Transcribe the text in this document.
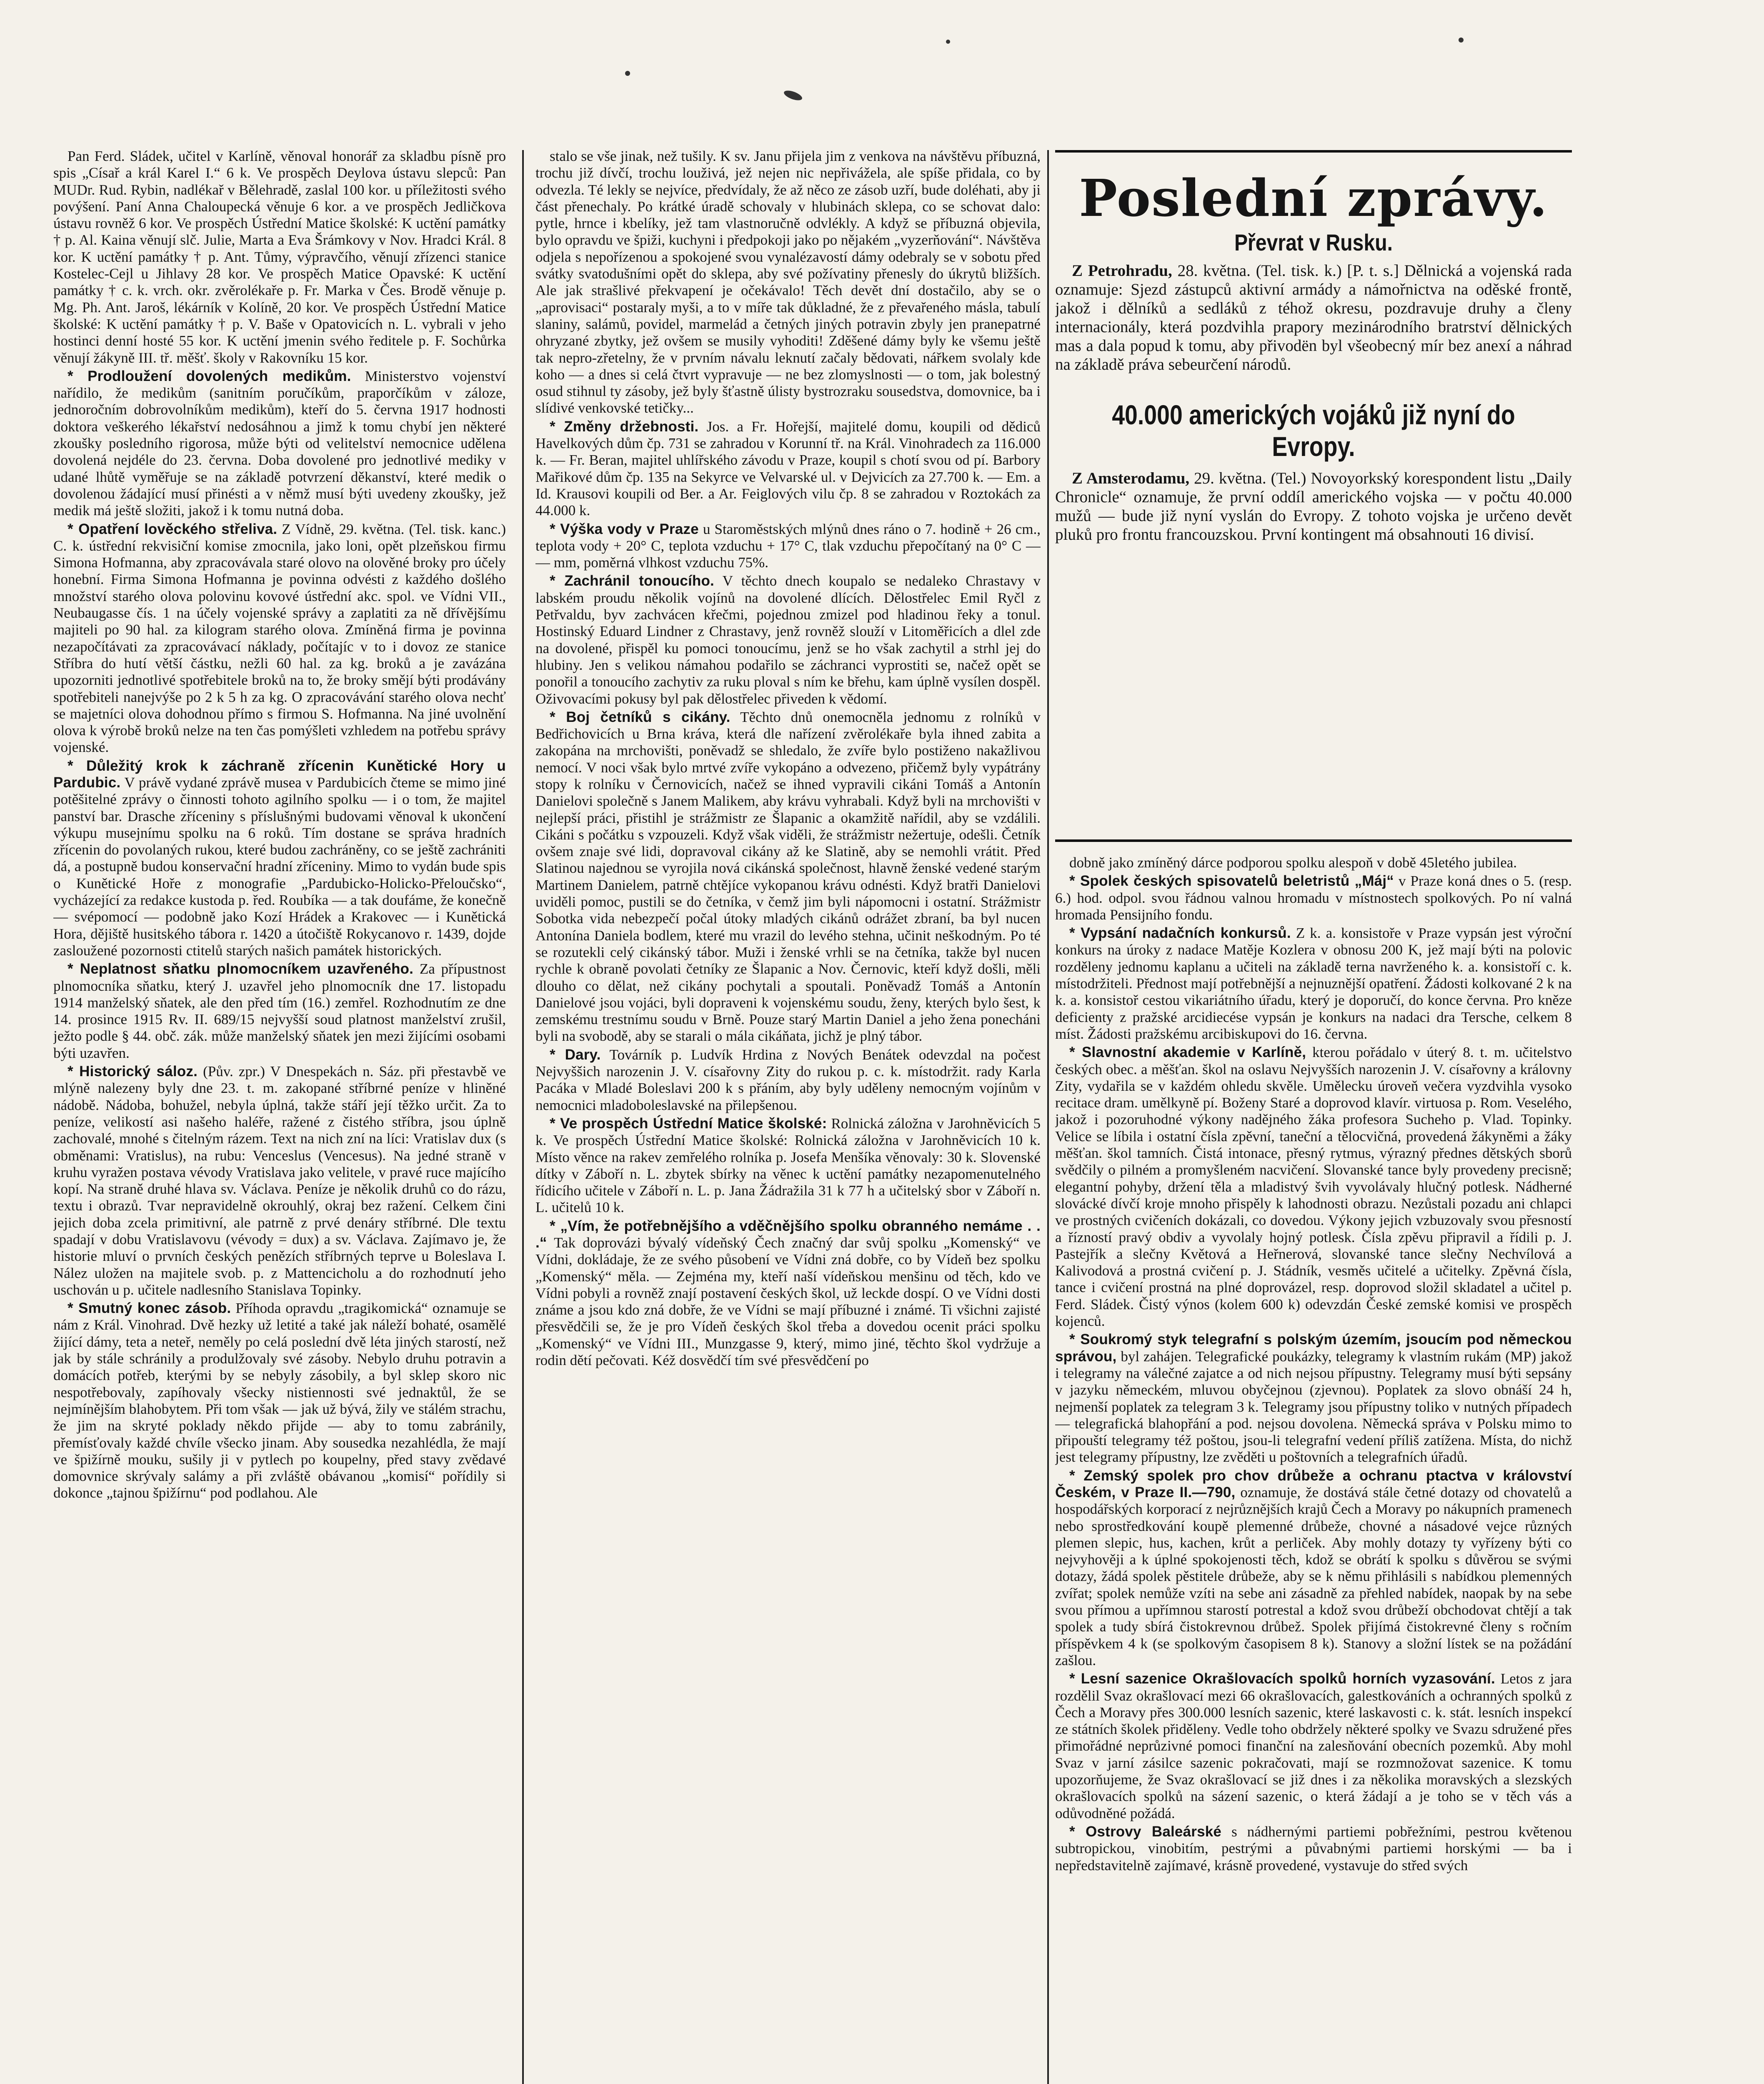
Pan Ferd. Sládek, učitel v Karlíně, věnoval honorář za skladbu písně pro spis „Císař a král Karel I.“ 6 k. Ve prospěch Deylova ústavu slepců: Pan MUDr. Rud. Rybin, nadlékař v Bělehradě, zaslal 100 kor. u příležitosti svého povýšení. Paní Anna Chaloupecká věnuje 6 kor. a ve prospěch Jedličkova ústavu rovněž 6 kor. Ve prospěch Ústřední Matice školské: K uctění památky † p. Al. Kaina věnují slč. Julie, Marta a Eva Šrámkovy v Nov. Hradci Král. 8 kor. K uctění památky † p. Ant. Tůmy, výpravčího, věnují zřízenci stanice Kostelec-Cejl u Jihlavy 28 kor. Ve prospěch Matice Opavské: K uctění památky † c. k. vrch. okr. zvěrolékaře p. Fr. Marka v Čes. Brodě věnuje p. Mg. Ph. Ant. Jaroš, lékárník v Kolíně, 20 kor. Ve prospěch Ústřední Matice školské: K uctění památky † p. V. Baše v Opatovicích n. L. vybrali v jeho hostinci denní hosté 55 kor. K uctění jmenin svého ředitele p. F. Sochůrka věnují žákyně III. tř. měšť. školy v Rakovníku 15 kor.

* Prodloužení dovolených medikům. Ministerstvo vojenství nařídilo, že medikům (sanitním poručíkům, praporčíkům v záloze, jednoročním dobrovolníkům medikům), kteří do 5. června 1917 hodnosti doktora veškerého lékařství nedosáhnou a jimž k tomu chybí jen některé zkoušky posledního rigorosa, může býti od velitelství nemocnice udělena dovolená nejdéle do 23. června. Doba dovolené pro jednotlivé mediky v udané lhůtě vyměřuje se na základě potvrzení děkanství, které medik o dovolenou žádající musí přinésti a v němž musí býti uvedeny zkoušky, jež medik má ještě složiti, jakož i k tomu nutná doba.

* Opatření lověckého střeliva. Z Vídně, 29. května. (Tel. tisk. kanc.) C. k. ústřední rekvisiční komise zmocnila, jako loni, opět plzeňskou firmu Simona Hofmanna, aby zpracovávala staré olovo na olověné broky pro účely honební. Firma Simona Hofmanna je povinna odvésti z každého došlého množství starého olova polovinu kovové ústřední akc. spol. ve Vídni VII., Neubaugasse čís. 1 na účely vojenské správy a zaplatiti za ně dřívějšímu majiteli po 90 hal. za kilogram starého olova. Zmíněná firma je povinna nezapočítávati za zpracovávací náklady, počítajíc v to i dovoz ze stanice Stříbra do hutí větší částku, nežli 60 hal. za kg. broků a je zavázána upozorniti jednotlivé spotřebitele broků na to, že broky smějí býti prodávány spotřebiteli nanejvýše po 2 k 5 h za kg. O zpracovávání starého olova nechť se majetníci olova dohodnou přímo s firmou S. Hofmanna. Na jiné uvolnění olova k výrobě broků nelze na ten čas pomýšleti vzhledem na potřebu správy vojenské.

* Důležitý krok k záchraně zřícenin Kunětické Hory u Pardubic. V právě vydané zprávě musea v Pardubicích čteme se mimo jiné potěšitelné zprávy o činnosti tohoto agilního spolku — i o tom, že majitel panství bar. Drasche zříceniny s příslušnými budovami věnoval k ukončení výkupu musejnímu spolku na 6 roků. Tím dostane se správa hradních zřícenin do povolaných rukou, které budou zachráněny, co se ještě zachrániti dá, a postupně budou konservační hradní zříceniny. Mimo to vydán bude spis o Kunětické Hoře z monografie „Pardubicko-Holicko-Přeloučsko“, vycházející za redakce kustoda p. řed. Roubíka — a tak doufáme, že konečně — svépomocí — podobně jako Kozí Hrádek a Krakovec — i Kunětická Hora, dějiště husitského tábora r. 1420 a útočiště Rokycanovo r. 1439, dojde zasloužené pozornosti ctitelů starých našich památek historických.

* Neplatnost sňatku plnomocníkem uzavřeného. Za přípustnost plnomocníka sňatku, který J. uzavřel jeho plnomocník dne 17. listopadu 1914 manželský sňatek, ale den před tím (16.) zemřel. Rozhodnutím ze dne 14. prosince 1915 Rv. II. 689/15 nejvyšší soud platnost manželství zrušil, ježto podle § 44. obč. zák. může manželský sňatek jen mezi žijícími osobami býti uzavřen.

* Historický sáloz. (Pův. zpr.) V Dnespekách n. Sáz. při přestavbě ve mlýně nalezeny byly dne 23. t. m. zakopané stříbrné peníze v hliněné nádobě. Nádoba, bohužel, nebyla úplná, takže stáří její těžko určit. Za to peníze, velikostí asi našeho haléře, ražené z čistého stříbra, jsou úplně zachovalé, mnohé s čitelným rázem. Text na nich zní na líci: Vratislav dux (s obměnami: Vratislus), na rubu: Venceslus (Vencesus). Na jedné straně v kruhu vyražen postava vévody Vratislava jako velitele, v pravé ruce majícího kopí. Na straně druhé hlava sv. Václava. Peníze je několik druhů co do rázu, textu i obrazů. Tvar nepravidelně okrouhlý, okraj bez ražení. Celkem čini jejich doba zcela primitivní, ale patrně z prvé denáry stříbrné. Dle textu spadají v dobu Vratislavovu (vévody = dux) a sv. Václava. Zajímavo je, že historie mluví o prvních českých penězích stříbrných teprve u Boleslava I. Nález uložen na majitele svob. p. z Mattencicholu a do rozhodnutí jeho uschován u p. učitele nadlesního Stanislava Topinky.

* Smutný konec zásob. Příhoda opravdu „tragikomická“ oznamuje se nám z Král. Vinohrad. Dvě hezky už letité a také jak náleží bohaté, osamělé žijící dámy, teta a neteř, neměly po celá poslední dvě léta jiných starostí, než jak by stále schránily a produlžovaly své zásoby. Nebylo druhu potravin a domácích potřeb, kterými by se nebyly zásobily, a byl sklep skoro nic nespotřebovaly, zapíhovaly všecky nistiennosti své jednaktůl, že se nejmínějším blahobytem. Při tom však — jak už bývá, žily ve stálém strachu, že jim na skryté poklady někdo přijde — aby to tomu zabránily, přemísťovaly každé chvíle všecko jinam. Aby sousedka nezahlédla, že mají ve špižírně mouku, sušily ji v pytlech po koupelny, před stavy zvědavé domovnice skrývaly salámy a při zvláště obávanou „komisí“ pořídily si dokonce „tajnou špižírnu“ pod podlahou. Ale

stalo se vše jinak, než tušily. K sv. Janu přijela jim z venkova na návštěvu příbuzná, trochu již dívčí, trochu louživá, jež nejen nic nepřivážela, ale spíše přidala, co by odvezla. Té lekly se nejvíce, předvídaly, že až něco ze zásob uzří, bude doléhati, aby ji část přenechaly. Po krátké úradě schovaly v hlubinách sklepa, co se schovat dalo: pytle, hrnce i kbelíky, jež tam vlastnoručně odvlékly. A když se příbuzná objevila, bylo opravdu ve špiži, kuchyni i předpokoji jako po nějakém „vyzerňování“. Návštěva odjela s nepořízenou a spokojené svou vynalézavostí dámy odebraly se v sobotu před svátky svatodušními opět do sklepa, aby své požívatiny přenesly do úkrytů bližších. Ale jak strašlivé překvapení je očekávalo! Těch devět dní dostačilo, aby se o „aprovisaci“ postaraly myši, a to v míře tak důkladné, že z převařeného másla, tabulí slaniny, salámů, povidel, marmelád a četných jiných potravin zbyly jen pranepatrné ohryzané zbytky, jež ovšem se musily vyhoditi! Zděšené dámy byly ke všemu ještě tak nepro-zřetelny, že v prvním návalu leknutí začaly bědovati, nářkem svolaly kde koho — a dnes si celá čtvrt vypravuje — ne bez zlomyslnosti — o tom, jak bolestný osud stihnul ty zásoby, jež byly šťastně úlisty bystrozraku sousedstva, domovnice, ba i slídivé venkovské tetičky...

* Změny držebnosti. Jos. a Fr. Hořejší, majitelé domu, koupili od dědiců Havelkových dům čp. 731 se zahradou v Korunní tř. na Král. Vinohradech za 116.000 k. — Fr. Beran, majitel uhlířského závodu v Praze, koupil s chotí svou od pí. Barbory Mařikové dům čp. 135 na Sekyrce ve Velvarské ul. v Dejvicích za 27.700 k. — Em. a Id. Krausovi koupili od Ber. a Ar. Feiglových vilu čp. 8 se zahradou v Roztokách za 44.000 k.

* Výška vody v Praze u Staroměstských mlýnů dnes ráno o 7. hodině + 26 cm., teplota vody + 20° C, teplota vzduchu + 17° C, tlak vzduchu přepočítaný na 0° C — — mm, poměrná vlhkost vzduchu 75%.

* Zachránil tonoucího. V těchto dnech koupalo se nedaleko Chrastavy v labském proudu několik vojínů na dovolené dlících. Dělostřelec Emil Ryčl z Petřvaldu, byv zachvácen křečmi, pojednou zmizel pod hladinou řeky a tonul. Hostinský Eduard Lindner z Chrastavy, jenž rovněž slouží v Litoměřicích a dlel zde na dovolené, přispěl ku pomoci tonoucímu, jenž se ho však zachytil a strhl jej do hlubiny. Jen s velikou námahou podařilo se záchranci vyprostiti se, načež opět se ponořil a tonoucího zachytiv za ruku ploval s ním ke břehu, kam úplně vysílen dospěl. Oživovacími pokusy byl pak dělostřelec přiveden k vědomí.

* Boj četníků s cikány. Těchto dnů onemocněla jednomu z rolníků v Bedřichovicích u Brna kráva, která dle nařízení zvěrolékaře byla ihned zabita a zakopána na mrchovišti, poněvadž se shledalo, že zvíře bylo postiženo nakažlivou nemocí. V noci však bylo mrtvé zvíře vykopáno a odvezeno, přičemž byly vypátrány stopy k rolníku v Černovicích, načež se ihned vypravili cikáni Tomáš a Antonín Danielovi společně s Janem Malikem, aby krávu vyhrabali. Když byli na mrchovišti v nejlepší práci, přistihl je strážmistr ze Šlapanic a okamžitě nařídil, aby se vzdálili. Cikáni s počátku s vzpouzeli. Když však viděli, že strážmistr nežertuje, odešli. Četník ovšem znaje své lidi, dopravoval cikány až ke Slatině, aby se nemohli vrátit. Před Slatinou najednou se vyrojila nová cikánská společnost, hlavně ženské vedené starým Martinem Danielem, patrně chtějíce vykopanou krávu odnésti. Když bratři Danielovi uviděli pomoc, pustili se do četníka, v čemž jim byli nápomocni i ostatní. Strážmistr Sobotka vida nebezpečí počal útoky mladých cikánů odrážet zbraní, ba byl nucen Antonína Daniela bodlem, které mu vrazil do levého stehna, učinit neškodným. Po té se rozutekli celý cikánský tábor. Muži i ženské vrhli se na četníka, takže byl nucen rychle k obraně povolati četníky ze Šlapanic a Nov. Černovic, kteří když došli, měli dlouho co dělat, než cikány pochytali a spoutali. Poněvadž Tomáš a Antonín Danielové jsou vojáci, byli dopraveni k vojenskému soudu, ženy, kterých bylo šest, k zemskému trestnímu soudu v Brně. Pouze starý Martin Daniel a jeho žena ponecháni byli na svobodě, aby se starali o mála cikáňata, jichž je plný tábor.

* Dary. Továrník p. Ludvík Hrdina z Nových Benátek odevzdal na počest Nejvyššich narozenin J. V. císařovny Zity do rukou p. c. k. místodržit. rady Karla Pacáka v Mladé Boleslavi 200 k s přáním, aby byly uděleny nemocným vojínům v nemocnici mladoboleslavské na přilepšenou.

* Ve prospěch Ústřední Matice školské: Rolnická záložna v Jarohněvicích 5 k. Ve prospěch Ústřední Matice školské: Rolnická záložna v Jarohněvicích 10 k. Místo věnce na rakev zemřelého rolníka p. Josefa Menšíka věnovaly: 30 k. Slovenské dítky v Záboří n. L. zbytek sbírky na věnec k uctění památky nezapomenutelného řídicího učitele v Záboří n. L. p. Jana Žádražila 31 k 77 h a učitelský sbor v Záboří n. L. učitelů 10 k.

* „Vím, že potřebnějšího a vděčnějšího spolku obranného nemáme . . .“ Tak doprovázi bývalý vídeňský Čech značný dar svůj spolku „Komenský“ ve Vídni, dokládaje, že ze svého působení ve Vídni zná dobře, co by Vídeň bez spolku „Komenský“ měla. — Zejména my, kteří naší vídeňskou menšinu od těch, kdo ve Vídni pobyli a rovněž znají postavení českých škol, už leckde dospí. O ve Vídni dosti známe a jsou kdo zná dobře, že ve Vídni se mají příbuzné i známé. Ti všichni zajisté přesvědčili se, že je pro Vídeň českých škol třeba a dovedou ocenit práci spolku „Komenský“ ve Vídni III., Munzgasse 9, který, mimo jiné, těchto škol vydržuje a rodin dětí pečovati. Kéž dosvědčí tím své přesvědčení po

Poslední zprávy.
Převrat v Rusku.

Z Petrohradu, 28. května. (Tel. tisk. k.) [P. t. s.] Dělnická a vojenská rada oznamuje: Sjezd zástupců aktivní armády a námořnictva na oděské frontě, jakož i dělníků a sedláků z téhož okresu, pozdravuje druhy a členy internacionály, která pozdvihla prapory mezinárodního bratrství dělnických mas a dala popud k tomu, aby přivodën byl všeobecný mír bez anexí a náhrad na základě práva sebeurčení národů.

40.000 amerických vojáků již nyní do Evropy.

Z Amsterodamu, 29. května. (Tel.) Novoyorkský korespondent listu „Daily Chronicle“ oznamuje, že první oddíl amerického vojska — v počtu 40.000 mužů — bude již nyní vyslán do Evropy. Z tohoto vojska je určeno devět pluků pro frontu francouzskou. První kontingent má obsahnouti 16 divisí.

dobně jako zmíněný dárce podporou spolku alespoň v době 45letého jubilea.

* Spolek českých spisovatelů beletristů „Máj“ v Praze koná dnes o 5. (resp. 6.) hod. odpol. svou řádnou valnou hromadu v místnostech spolkových. Po ní valná hromada Pensijního fondu.

* Vypsání nadačních konkursů. Z k. a. konsistoře v Praze vypsán jest výroční konkurs na úroky z nadace Matěje Kozlera v obnosu 200 K, jež mají býti na polovic rozděleny jednomu kaplanu a učiteli na základě terna navrženého k. a. konsistoří c. k. místodržiteli. Přednost mají potřebnější a nejnuznější opatření. Žádosti kolkované 2 k na k. a. konsistoř cestou vikariátního úřadu, který je doporučí, do konce června. Pro kněze deficienty z pražské arcidiecése vypsán je konkurs na nadaci dra Tersche, celkem 8 míst. Žádosti pražskému arcibiskupovi do 16. června.

* Slavnostní akademie v Karlíně, kterou pořádalo v úterý 8. t. m. učitelstvo českých obec. a měšťan. škol na oslavu Nejvyšších narozenin J. V. císařovny a královny Zity, vydařila se v každém ohledu skvěle. Umělecku úroveň večera vyzdvihla vysoko recitace dram. umělkyně pí. Boženy Staré a doprovod klavír. virtuosa p. Rom. Veselého, jakož i pozoruhodné výkony nadějného žáka profesora Sucheho p. Vlad. Topinky. Velice se líbila i ostatní čísla zpěvní, taneční a tělocvičná, provedená žákyněmi a žáky měšťan. škol tamních. Čistá intonace, přesný rytmus, výrazný přednes dětských sborů svědčily o pilném a promyšleném nacvičení. Slovanské tance byly provedeny precisně; elegantní pohyby, držení těla a mladistvý švih vyvolávaly hlučný potlesk. Nádherné slovácké dívčí kroje mnoho přispěly k lahodnosti obrazu. Nezůstali pozadu ani chlapci ve prostných cvičeních dokázali, co dovedou. Výkony jejich vzbuzovaly svou přesností a řízností pravý obdiv a vyvolaly hojný potlesk. Čísla zpěvu připravil a řídili p. J. Pastejřík a slečny Květová a Heřnerová, slovanské tance slečny Nechvílová a Kalivodová a prostná cvičení p. J. Stádník, vesměs učitelé a učitelky. Zpěvná čísla, tance i cvičení prostná na plné doprovázel, resp. doprovod složil skladatel a učitel p. Ferd. Sládek. Čistý výnos (kolem 600 k) odevzdán České zemské komisi ve prospěch kojenců.

* Soukromý styk telegrafní s polským územím, jsoucím pod německou správou, byl zahájen. Telegrafické poukázky, telegramy k vlastním rukám (MP) jakož i telegramy na válečné zajatce a od nich nejsou přípustny. Telegramy musí býti sepsány v jazyku německém, mluvou obyčejnou (zjevnou). Poplatek za slovo obnáší 24 h, nejmenší poplatek za telegram 3 k. Telegramy jsou přípustny toliko v nutných případech — telegrafická blahopřání a pod. nejsou dovolena. Německá správa v Polsku mimo to připouští telegramy též poštou, jsou-li telegrafní vedení příliš zatížena. Místa, do nichž jest telegramy přípustny, lze zvěděti u poštovních a telegrafních úřadů.

* Zemský spolek pro chov drůbeže a ochranu ptactva v království Českém, v Praze II.—790, oznamuje, že dostává stále četné dotazy od chovatelů a hospodářských korporací z nejrůznějších krajů Čech a Moravy po nákupních pramenech nebo sprostředkování koupě plemenné drůbeže, chovné a násadové vejce různých plemen slepic, hus, kachen, krůt a perliček. Aby mohly dotazy ty vyřízeny býti co nejvyhověji a k úplné spokojenosti těch, kdož se obrátí k spolku s důvěrou se svými dotazy, žádá spolek pěstitele drůbeže, aby se k němu přihlásili s nabídkou plemenných zvířat; spolek nemůže vzíti na sebe ani zásadně za přehled nabídek, naopak by na sebe svou přímou a upřímnou starostí potrestal a kdož svou drůbeží obchodovat chtějí a tak spolek a tudy sbírá čistokrevnou drůbež. Spolek přijímá čistokrevné členy s ročním příspěvkem 4 k (se spolkovým časopisem 8 k). Stanovy a složní lístek se na požádání zašlou.

* Lesní sazenice Okrašlovacích spolků horních vyzasování. Letos z jara rozdělil Svaz okrašlovací mezi 66 okrašlovacích, galestkováních a ochranných spolků z Čech a Moravy přes 300.000 lesních sazenic, které laskavosti c. k. stát. lesních inspekcí ze státních školek přiděleny. Vedle toho obdržely některé spolky ve Svazu sdružené přes přimořádné neprůzivné pomoci finanční na zalesňování obecních pozemků. Aby mohl Svaz v jarní zásilce sazenic pokračovati, mají se rozmnožovat sazenice. K tomu upozorňujeme, že Svaz okrašlovací se již dnes i za několika moravských a slezských okrašlovacích spolků na sázení sazenic, o která žádají a je toho se v těch vás a odůvodněné požádá.

* Ostrovy Baleárské s nádhernými partiemi pobřežními, pestrou květenou subtropickou, vinobitím, pestrými a půvabnými partiemi horskými — ba i nepředstavitelně zajímavé, krásně provedené, vystavuje do střed svých
